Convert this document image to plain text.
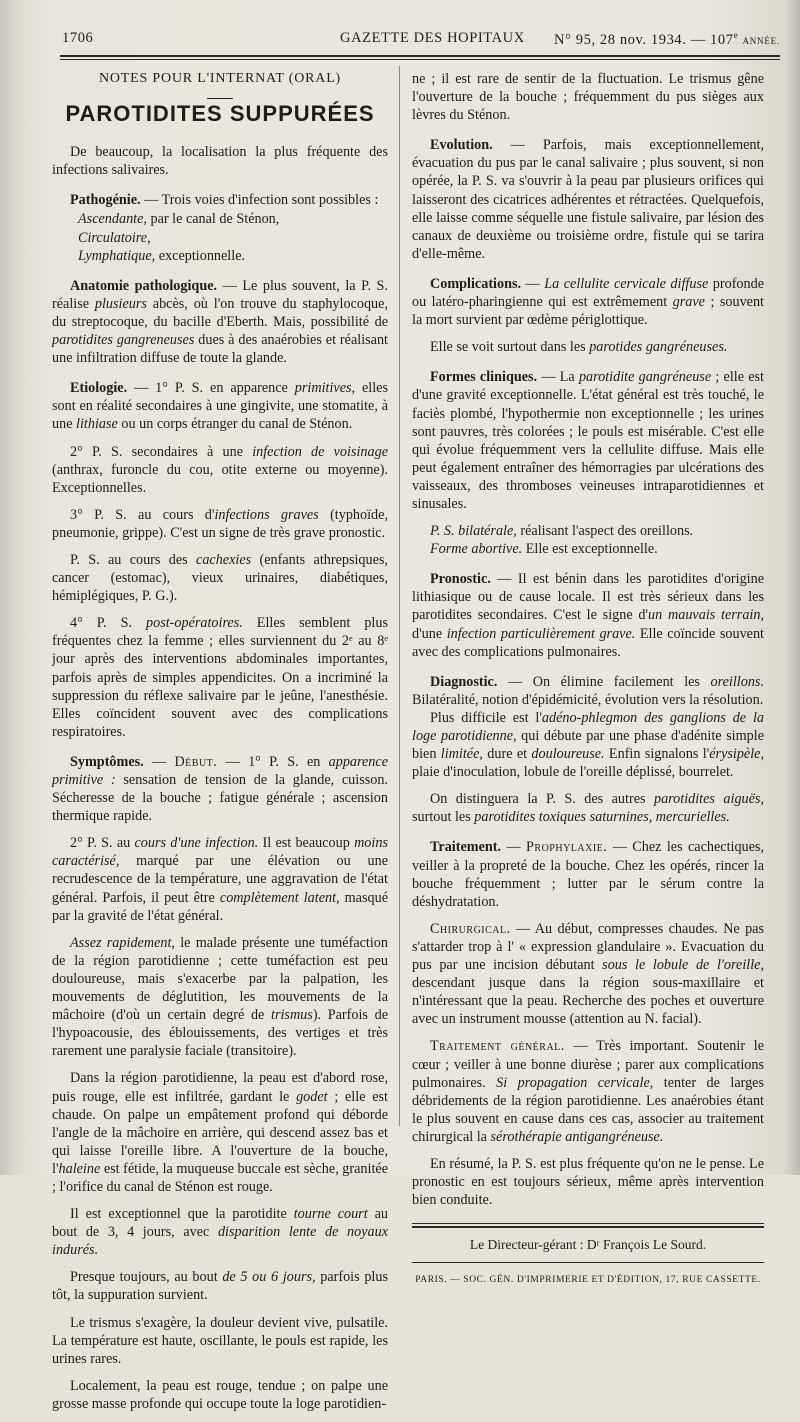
1706	GAZETTE DES HOPITAUX N° 95, 28 nov. 1934. — 107e ANNÉE.
NOTES POUR L'INTERNAT (ORAL)
PAROTIDITES SUPPURÉES

De beaucoup, la localisation la plus fréquente des infections salivaires.

Pathogénie. — Trois voies d'infection sont possibles :

Ascendante, par le canal de Sténon,

Circulatoire,

Lymphatique, exceptionnelle.

Anatomie pathologique. — Le plus souvent, la P. S. réalise plusieurs abcès, où l'on trouve du staphylocoque, du streptocoque, du bacille d'Eberth. Mais, possibilité de parotidites gangreneuses dues à des anaérobies et réalisant une infiltration diffuse de toute la glande.

Etiologie. — 1° P. S. en apparence primitives, elles sont en réalité secondaires à une gingivite, une stomatite, à une lithiase ou un corps étranger du canal de Sténon.

2° P. S. secondaires à une infection de voisinage (anthrax, furoncle du cou, otite externe ou moyenne). Exceptionnelles.

3° P. S. au cours d'infections graves (typhoïde, pneumonie, grippe). C'est un signe de très grave pronostic.

P. S. au cours des cachexies (enfants athrepsiques, cancer (estomac), vieux urinaires, diabétiques, hémiplégiques, P. G.).

4° P. S. post-opératoires. Elles semblent plus fréquentes chez la femme ; elles surviennent du 2ᵉ au 8ᵉ jour après des interventions abdominales importantes, parfois après de simples appendicites. On a incriminé la suppression du réflexe salivaire par le jeûne, l'anesthésie. Elles coïncident souvent avec des complications respiratoires.

Symptômes. — Début. — 1° P. S. en apparence primitive : sensation de tension de la glande, cuisson. Sécheresse de la bouche ; fatigue générale ; ascension thermique rapide.

2° P. S. au cours d'une infection. Il est beaucoup moins caractérisé, marqué par une élévation ou une recrudescence de la température, une aggravation de l'état général. Parfois, il peut être complètement latent, masqué par la gravité de l'état général.

Assez rapidement, le malade présente une tuméfaction de la région parotidienne ; cette tuméfaction est peu douloureuse, mais s'exacerbe par la palpation, les mouvements de déglutition, les mouvements de la mâchoire (d'où un certain degré de trismus). Parfois de l'hypoacousie, des éblouissements, des vertiges et très rarement une paralysie faciale (transitoire).

Dans la région parotidienne, la peau est d'abord rose, puis rouge, elle est infiltrée, gardant le godet ; elle est chaude. On palpe un empâtement profond qui déborde l'angle de la mâchoire en arrière, qui descend assez bas et qui laisse l'oreille libre. A l'ouverture de la bouche, l'haleine est fétide, la muqueuse buccale est sèche, granitée ; l'orifice du canal de Sténon est rouge.

Il est exceptionnel que la parotidite tourne court au bout de 3, 4 jours, avec disparition lente de noyaux indurés.

Presque toujours, au bout de 5 ou 6 jours, parfois plus tôt, la suppuration survient.

Le trismus s'exagère, la douleur devient vive, pulsatile. La température est haute, oscillante, le pouls est rapide, les urines rares.

Localement, la peau est rouge, tendue ; on palpe une grosse masse profonde qui occupe toute la loge parotidien-

ne ; il est rare de sentir de la fluctuation. Le trismus gêne l'ouverture de la bouche ; fréquemment du pus sièges aux lèvres du Sténon.

Evolution. — Parfois, mais exceptionnellement, évacuation du pus par le canal salivaire ; plus souvent, si non opérée, la P. S. va s'ouvrir à la peau par plusieurs orifices qui laisseront des cicatrices adhérentes et rétractées. Quelquefois, elle laisse comme séquelle une fistule salivaire, par lésion des canaux de deuxième ou troisième ordre, fistule qui se tarira d'elle-même.

Complications. — La cellulite cervicale diffuse profonde ou latéro-pharingienne qui est extrêmement grave ; souvent la mort survient par œdème périglottique.

Elle se voit surtout dans les parotides gangréneuses.

Formes cliniques. — La parotidite gangréneuse ; elle est d'une gravité exceptionnelle. L'état général est très touché, le faciès plombé, l'hypothermie non exceptionnelle ; les urines sont pauvres, très colorées ; le pouls est misérable. C'est elle qui évolue fréquemment vers la cellulite diffuse. Mais elle peut également entraîner des hémorragies par ulcérations des vaisseaux, des thromboses veineuses intraparotidiennes et sinusales.

P. S. bilatérale, réalisant l'aspect des oreillons.

Forme abortive. Elle est exceptionnelle.

Pronostic. — Il est bénin dans les parotidites d'origine lithiasique ou de cause locale. Il est très sérieux dans les parotidites secondaires. C'est le signe d'un mauvais terrain, d'une infection particulièrement grave. Elle coïncide souvent avec des complications pulmonaires.

Diagnostic. — On élimine facilement les oreillons. Bilatéralité, notion d'épidémicité, évolution vers la résolution.

Plus difficile est l'adéno-phlegmon des ganglions de la loge parotidienne, qui débute par une phase d'adénite simple bien limitée, dure et douloureuse. Enfin signalons l'érysipèle, plaie d'inoculation, lobule de l'oreille déplissé, bourrelet.

On distinguera la P. S. des autres parotidites aiguës, surtout les parotidites toxiques saturnines, mercurielles.

Traitement. — Prophylaxie. — Chez les cachectiques, veiller à la propreté de la bouche. Chez les opérés, rincer la bouche fréquemment ; lutter par le sérum contre la déshydratation.

Chirurgical. — Au début, compresses chaudes. Ne pas s'attarder trop à l' « expression glandulaire ». Evacuation du pus par une incision débutant sous le lobule de l'oreille, descendant jusque dans la région sous-maxillaire et n'intéressant que la peau. Recherche des poches et ouverture avec un instrument mousse (attention au N. facial).

Traitement général. — Très important. Soutenir le cœur ; veiller à une bonne diurèse ; parer aux complications pulmonaires. Si propagation cervicale, tenter de larges débridements de la région parotidienne. Les anaérobies étant le plus souvent en cause dans ces cas, associer au traitement chirurgical la sérothérapie antigangréneuse.

En résumé, la P. S. est plus fréquente qu'on ne le pense. Le pronostic en est toujours sérieux, même après intervention bien conduite.

Le Directeur-gérant : Dʳ François Le Sourd.
PARIS. — SOC. GÉN. D'IMPRIMERIE ET D'ÉDITION, 17, RUE CASSETTE.
